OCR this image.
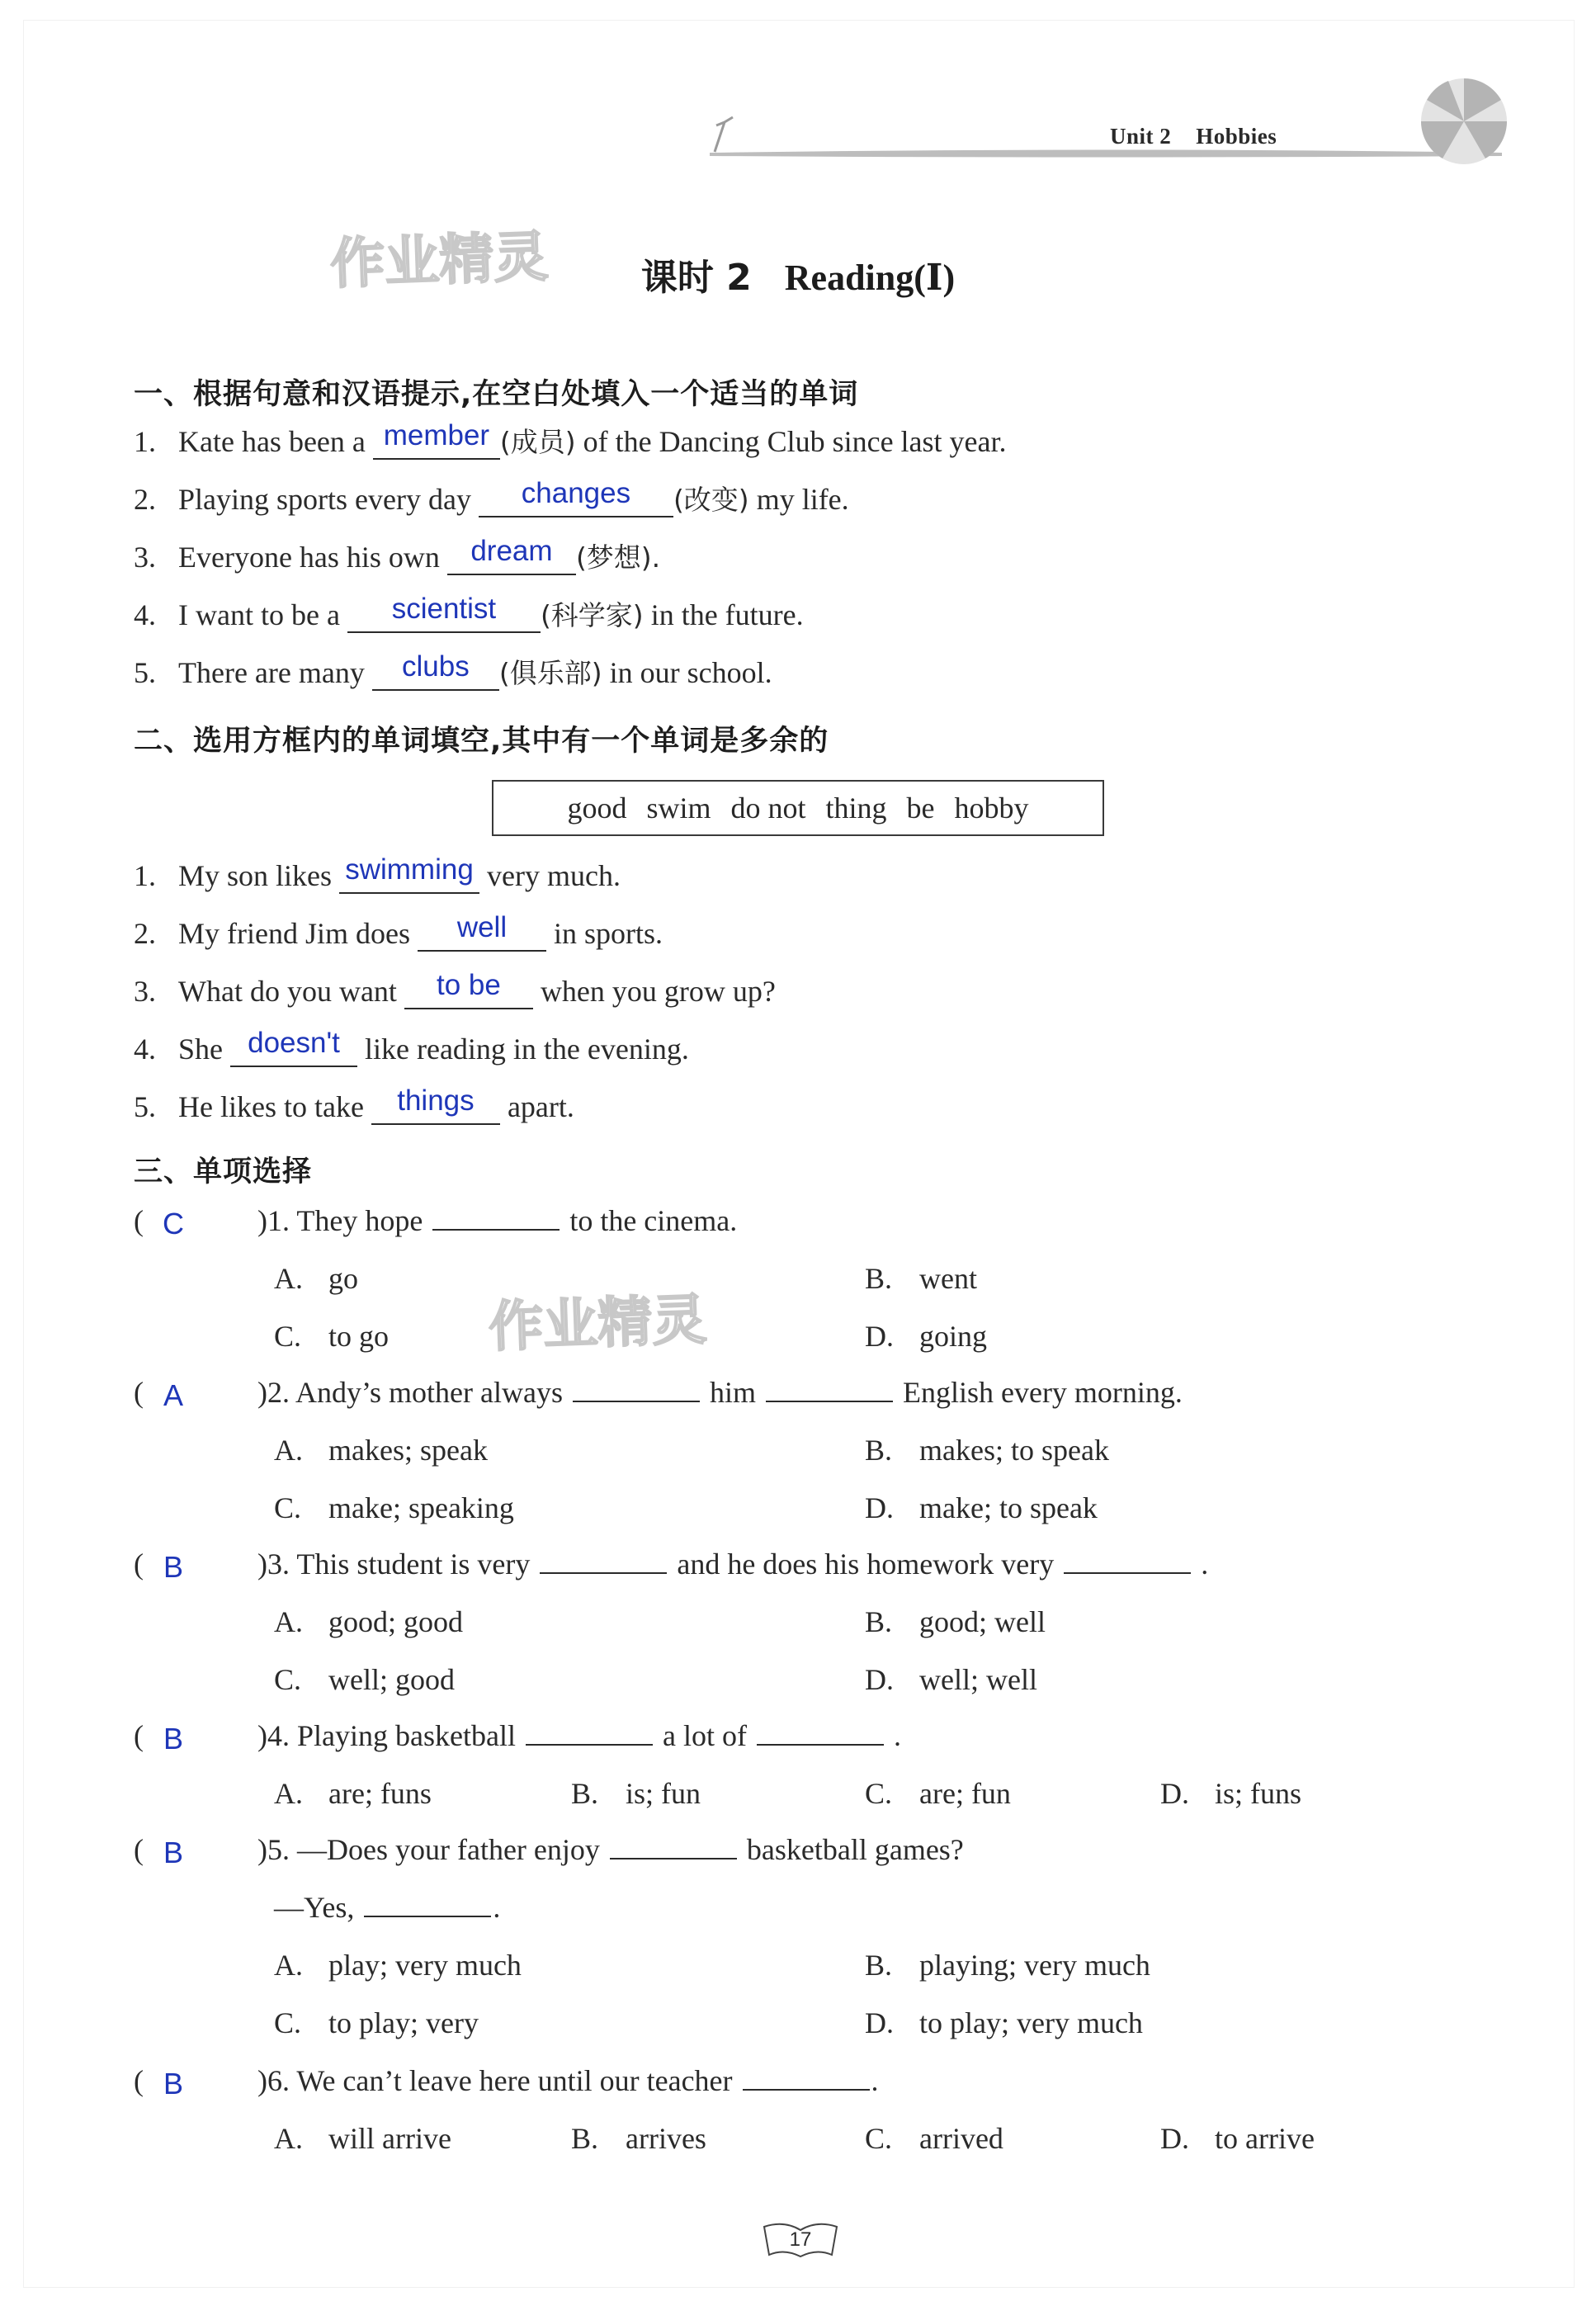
Unit 2 Hobbies
作业精灵
作业精灵
课时 2 Reading(Ⅰ)
一、根据句意和汉语提示,在空白处填入一个适当的单词
1. Kate has been a member (成员) of the Dancing Club since last year.
2. Playing sports every day changes (改变) my life.
3. Everyone has his own dream (梦想).
4. I want to be a scientist (科学家) in the future.
5. There are many clubs (俱乐部) in our school.
二、选用方框内的单词填空,其中有一个单词是多余的
good swim do not thing be hobby
1. My son likes swimming very much.
2. My friend Jim does well in sports.
3. What do you want to be when you grow up?
4. She doesn't like reading in the evening.
5. He likes to take things apart.
三、单项选择
( C )1. They hope	to the cinema.
A. go	B. went
C. to go	D. going
( A	)2. Andy’s mother always	him	English every morning.
A. makes; speak	B. makes; to speak
C. make; speaking	D. make; to speak
( B	)3. This student is very	and he does his homework very	.
A. good; good	B. good; well
C. well; good	D. well; well
( B	)4. Playing basketball	a lot of	.
A. are; funs	B. is; fun	C. are; fun	D. is; funs
( B	)5. —Does your father enjoy	basketball games?
—Yes,	.
A. play; very much	B. playing; very much
C. to play; very	D. to play; very much
( B	)6. We can’t leave here until our teacher	.
A. will arrive	B. arrives	C. arrived	D. to arrive
17
